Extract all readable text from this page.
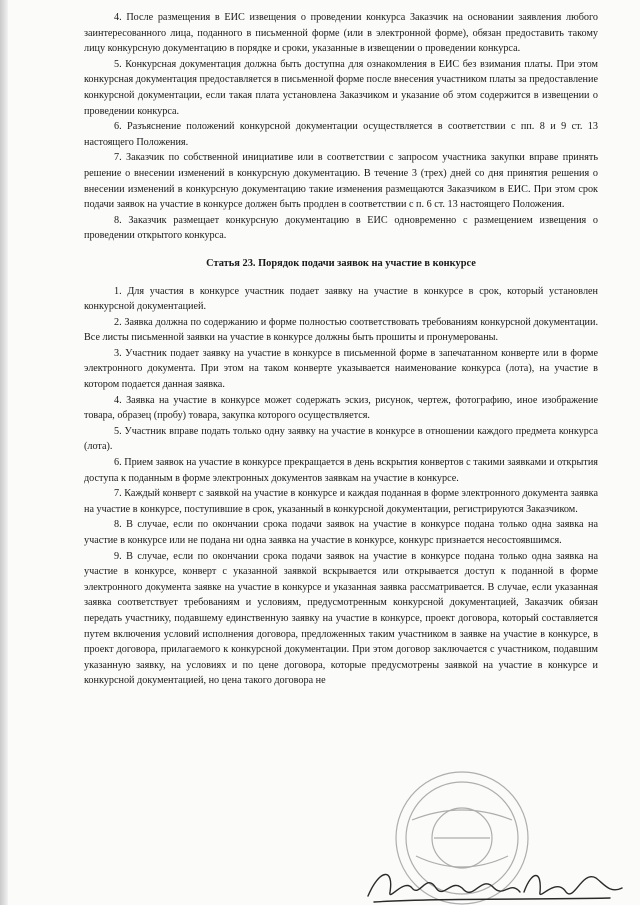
4. После размещения в ЕИС извещения о проведении конкурса Заказчик на основании заявления любого заинтересованного лица, поданного в письменной форме (или в электронной форме), обязан предоставить такому лицу конкурсную документацию в порядке и сроки, указанные в извещении о проведении конкурса.

5. Конкурсная документация должна быть доступна для ознакомления в ЕИС без взимания платы. При этом конкурсная документация предоставляется в письменной форме после внесения участником платы за предоставление конкурсной документации, если такая плата установлена Заказчиком и указание об этом содержится в извещении о проведении конкурса.

6. Разъяснение положений конкурсной документации осуществляется в соответствии с пп. 8 и 9 ст. 13 настоящего Положения.

7. Заказчик по собственной инициативе или в соответствии с запросом участника закупки вправе принять решение о внесении изменений в конкурсную документацию. В течение 3 (трех) дней со дня принятия решения о внесении изменений в конкурсную документацию такие изменения размещаются Заказчиком в ЕИС. При этом срок подачи заявок на участие в конкурсе должен быть продлен в соответствии с п. 6 ст. 13 настоящего Положения.

8. Заказчик размещает конкурсную документацию в ЕИС одновременно с размещением извещения о проведении открытого конкурса.

Статья 23. Порядок подачи заявок на участие в конкурсе

1. Для участия в конкурсе участник подает заявку на участие в конкурсе в срок, который установлен конкурсной документацией.

2. Заявка должна по содержанию и форме полностью соответствовать требованиям конкурсной документации. Все листы письменной заявки на участие в конкурсе должны быть прошиты и пронумерованы.

3. Участник подает заявку на участие в конкурсе в письменной форме в запечатанном конверте или в форме электронного документа. При этом на таком конверте указывается наименование конкурса (лота), на участие в котором подается данная заявка.

4. Заявка на участие в конкурсе может содержать эскиз, рисунок, чертеж, фотографию, иное изображение товара, образец (пробу) товара, закупка которого осуществляется.

5. Участник вправе подать только одну заявку на участие в конкурсе в отношении каждого предмета конкурса (лота).

6. Прием заявок на участие в конкурсе прекращается в день вскрытия конвертов с такими заявками и открытия доступа к поданным в форме электронных документов заявкам на участие в конкурсе.

7. Каждый конверт с заявкой на участие в конкурсе и каждая поданная в форме электронного документа заявка на участие в конкурсе, поступившие в срок, указанный в конкурсной документации, регистрируются Заказчиком.

8. В случае, если по окончании срока подачи заявок на участие в конкурсе подана только одна заявка на участие в конкурсе или не подана ни одна заявка на участие в конкурсе, конкурс признается несостоявшимся.

9. В случае, если по окончании срока подачи заявок на участие в конкурсе подана только одна заявка на участие в конкурсе, конверт с указанной заявкой вскрывается или открывается доступ к поданной в форме электронного документа заявке на участие в конкурсе и указанная заявка рассматривается. В случае, если указанная заявка соответствует требованиям и условиям, предусмотренным конкурсной документацией, Заказчик обязан передать участнику, подавшему единственную заявку на участие в конкурсе, проект договора, который составляется путем включения условий исполнения договора, предложенных таким участником в заявке на участие в конкурсе, в проект договора, прилагаемого к конкурсной документации. При этом договор заключается с участником, подавшим указанную заявку, на условиях и по цене договора, которые предусмотрены заявкой на участие в конкурсе и конкурсной документацией, но цена такого договора не
